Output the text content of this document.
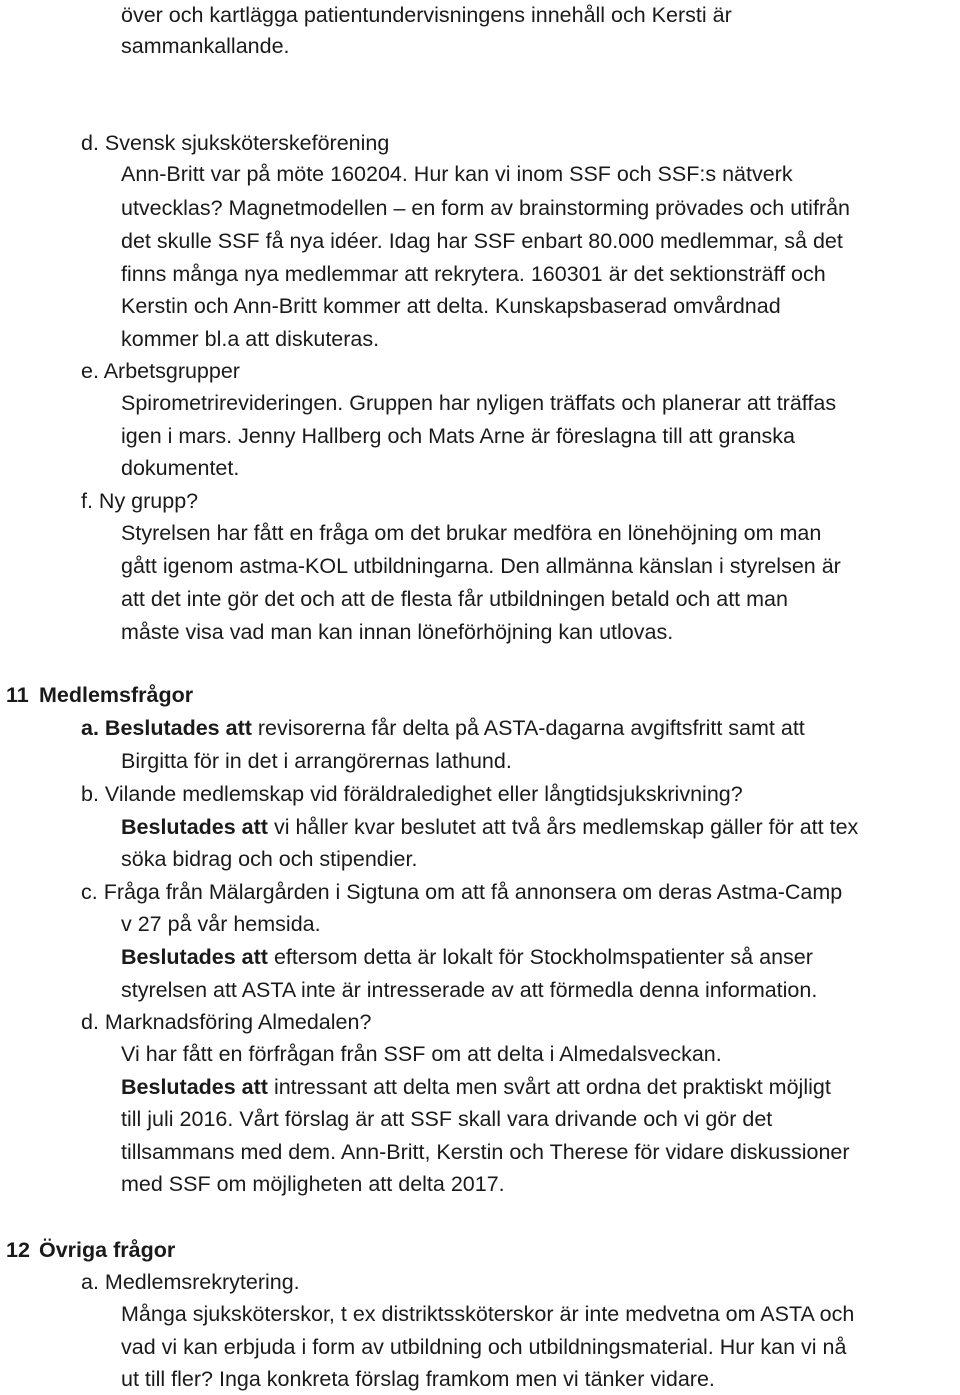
över och kartlägga patientundervisningens innehåll och Kersti är
sammankallande.
d. Svensk sjuksköterskeförening
Ann-Britt var på möte 160204. Hur kan vi inom SSF och SSF:s nätverk
utvecklas? Magnetmodellen – en form av brainstorming prövades och utifrån
det skulle SSF få nya idéer. Idag har SSF enbart 80.000 medlemmar, så det
finns många nya medlemmar att rekrytera. 160301 är det sektionsträff och
Kerstin och Ann-Britt kommer att delta. Kunskapsbaserad omvårdnad
kommer bl.a att diskuteras.
e. Arbetsgrupper
Spirometrirevideringen. Gruppen har nyligen träffats och planerar att träffas
igen i mars. Jenny Hallberg och Mats Arne är föreslagna till att granska
dokumentet.
f. Ny grupp?
Styrelsen har fått en fråga om det brukar medföra en lönehöjning om man
gått igenom astma-KOL utbildningarna. Den allmänna känslan i styrelsen är
att det inte gör det och att de flesta får utbildningen betald och att man
måste visa vad man kan innan löneförhöjning kan utlovas.
11 Medlemsfrågor
a. Beslutades att revisorerna får delta på ASTA-dagarna avgiftsfritt samt att
Birgitta för in det i arrangörernas lathund.
b. Vilande medlemskap vid föräldraledighet eller långtidsjukskrivning?
Beslutades att vi håller kvar beslutet att två års medlemskap gäller för att tex
söka bidrag och och stipendier.
c. Fråga från Mälargården i Sigtuna om att få annonsera om deras Astma-Camp
v 27 på vår hemsida.
Beslutades att eftersom detta är lokalt för Stockholmspatienter så anser
styrelsen att ASTA inte är intresserade av att förmedla denna information.
d. Marknadsföring Almedalen?
Vi har fått en förfrågan från SSF om att delta i Almedalsveckan.
Beslutades att intressant att delta men svårt att ordna det praktiskt möjligt
till juli 2016. Vårt förslag är att SSF skall vara drivande och vi gör det
tillsammans med dem. Ann-Britt, Kerstin och Therese för vidare diskussioner
med SSF om möjligheten att delta 2017.
12 Övriga frågor
a. Medlemsrekrytering.
Många sjuksköterskor, t ex distriktssköterskor är inte medvetna om ASTA och
vad vi kan erbjuda i form av utbildning och utbildningsmaterial. Hur kan vi nå
ut till fler? Inga konkreta förslag framkom men vi tänker vidare.
